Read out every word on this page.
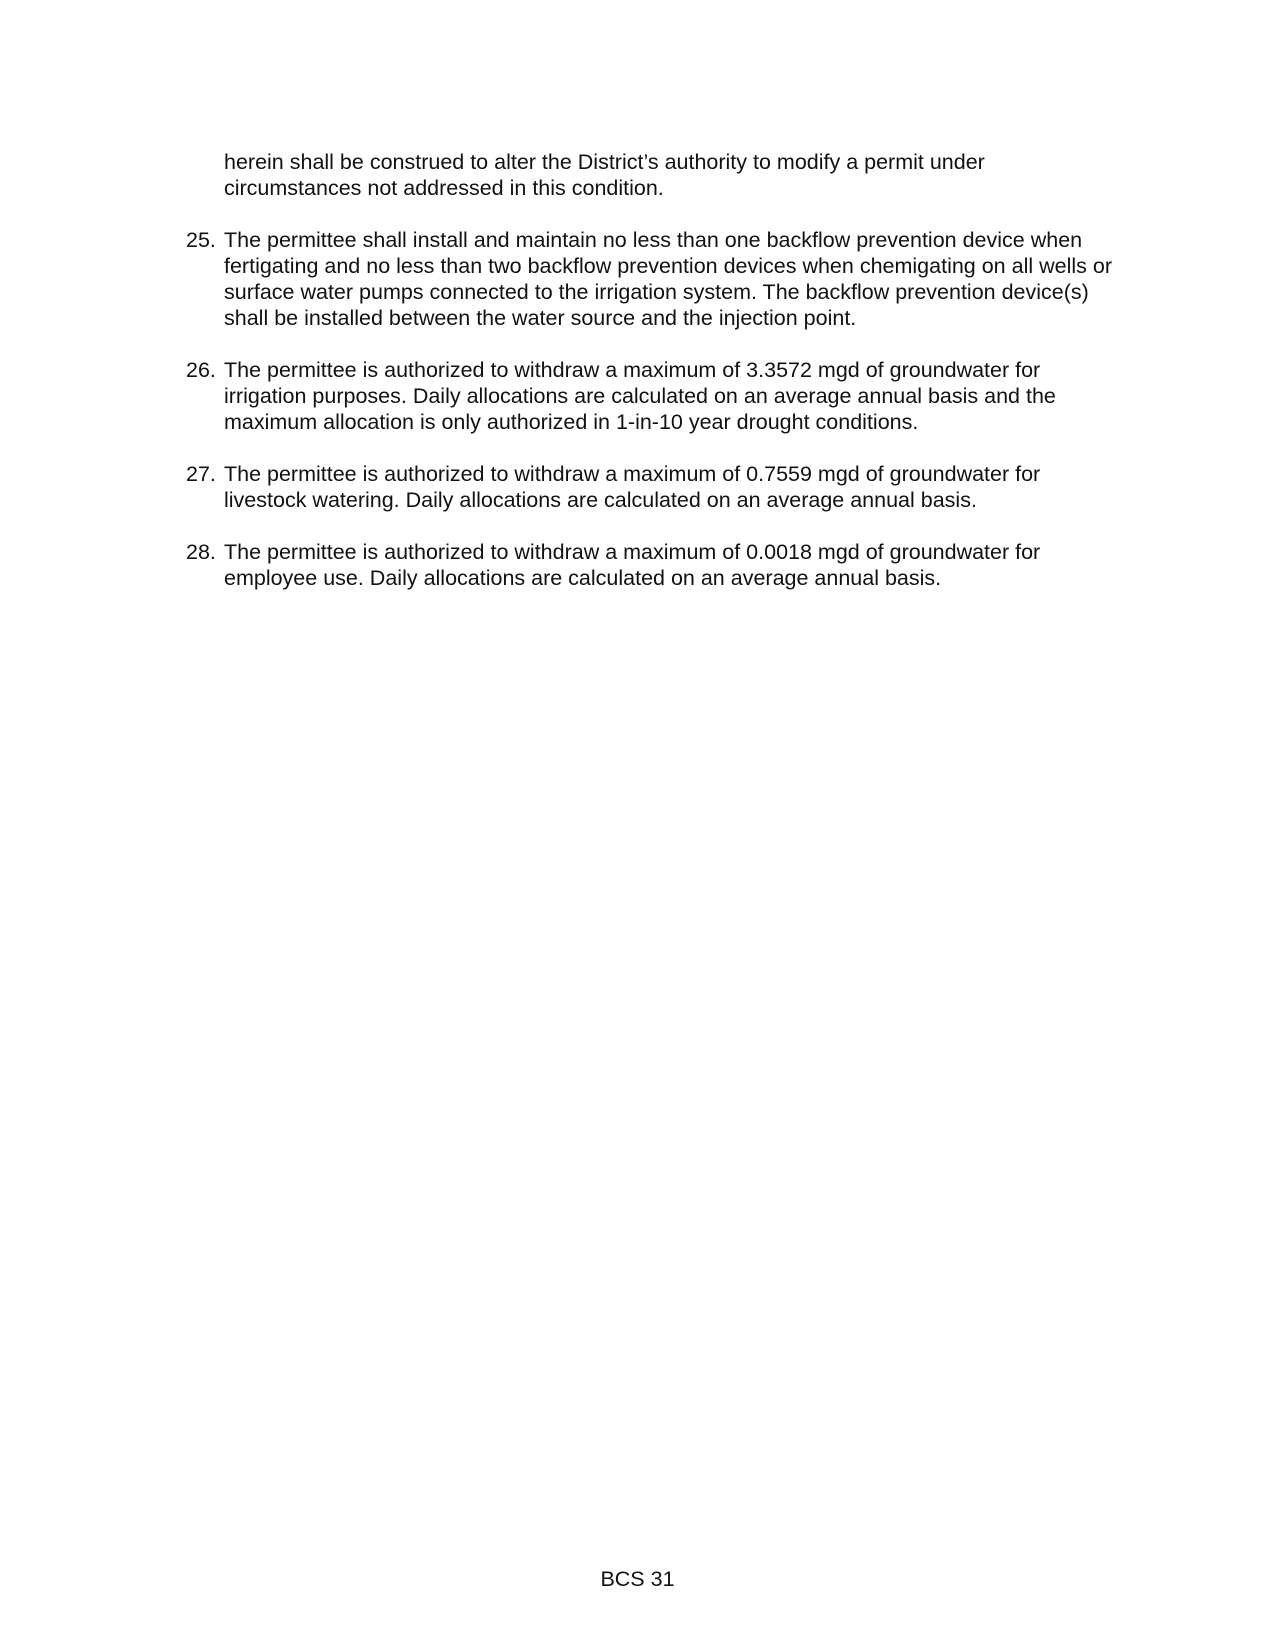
herein shall be construed to alter the District’s authority to modify a permit under circumstances not addressed in this condition.

25. The permittee shall install and maintain no less than one backflow prevention device when fertigating and no less than two backflow prevention devices when chemigating on all wells or surface water pumps connected to the irrigation system. The backflow prevention device(s) shall be installed between the water source and the injection point.
26. The permittee is authorized to withdraw a maximum of 3.3572 mgd of groundwater for irrigation purposes. Daily allocations are calculated on an average annual basis and the maximum allocation is only authorized in 1-in-10 year drought conditions.
27. The permittee is authorized to withdraw a maximum of 0.7559 mgd of groundwater for livestock watering. Daily allocations are calculated on an average annual basis.
28. The permittee is authorized to withdraw a maximum of 0.0018 mgd of groundwater for employee use. Daily allocations are calculated on an average annual basis.
BCS 31
